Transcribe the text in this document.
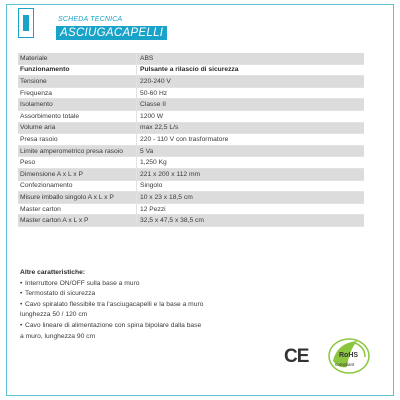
SCHEDA TECNICA
ASCIUGACAPELLI
Materiale	ABS
Funzionamento	Pulsante a rilascio di sicurezza
Tensione	220-240 V
Frequenza	50-60 Hz
Isolamento	Classe II
Assorbimento totale	1200 W
Volume aria	max 22,5 L/s
Presa rasoio	220 - 110 V con trasformatore
Limite amperometrico presa rasoio	5 Va
Peso	1,250 Kg
Dimensione A x L x P	221 x 200 x 112 mm
Confezionamento	Singolo
Misure imballo singolo A x L x P	10 x 23 x 18,5 cm
Master carton	12 Pezzi
Master carton A x L x P	32,5 x 47,5 x 38,5 cm
Altre caratteristiche:
• Interruttore ON/OFF sulla base a muro
• Termostato di sicurezza
• Cavo spiralato flessibile tra l’asciugacapelli e la base a muro
lunghezza 50 / 120 cm
• Cavo lineare di alimentazione con spina bipolare dalla base
a muro, lunghezza 90 cm
CE	RoHS
compliant
